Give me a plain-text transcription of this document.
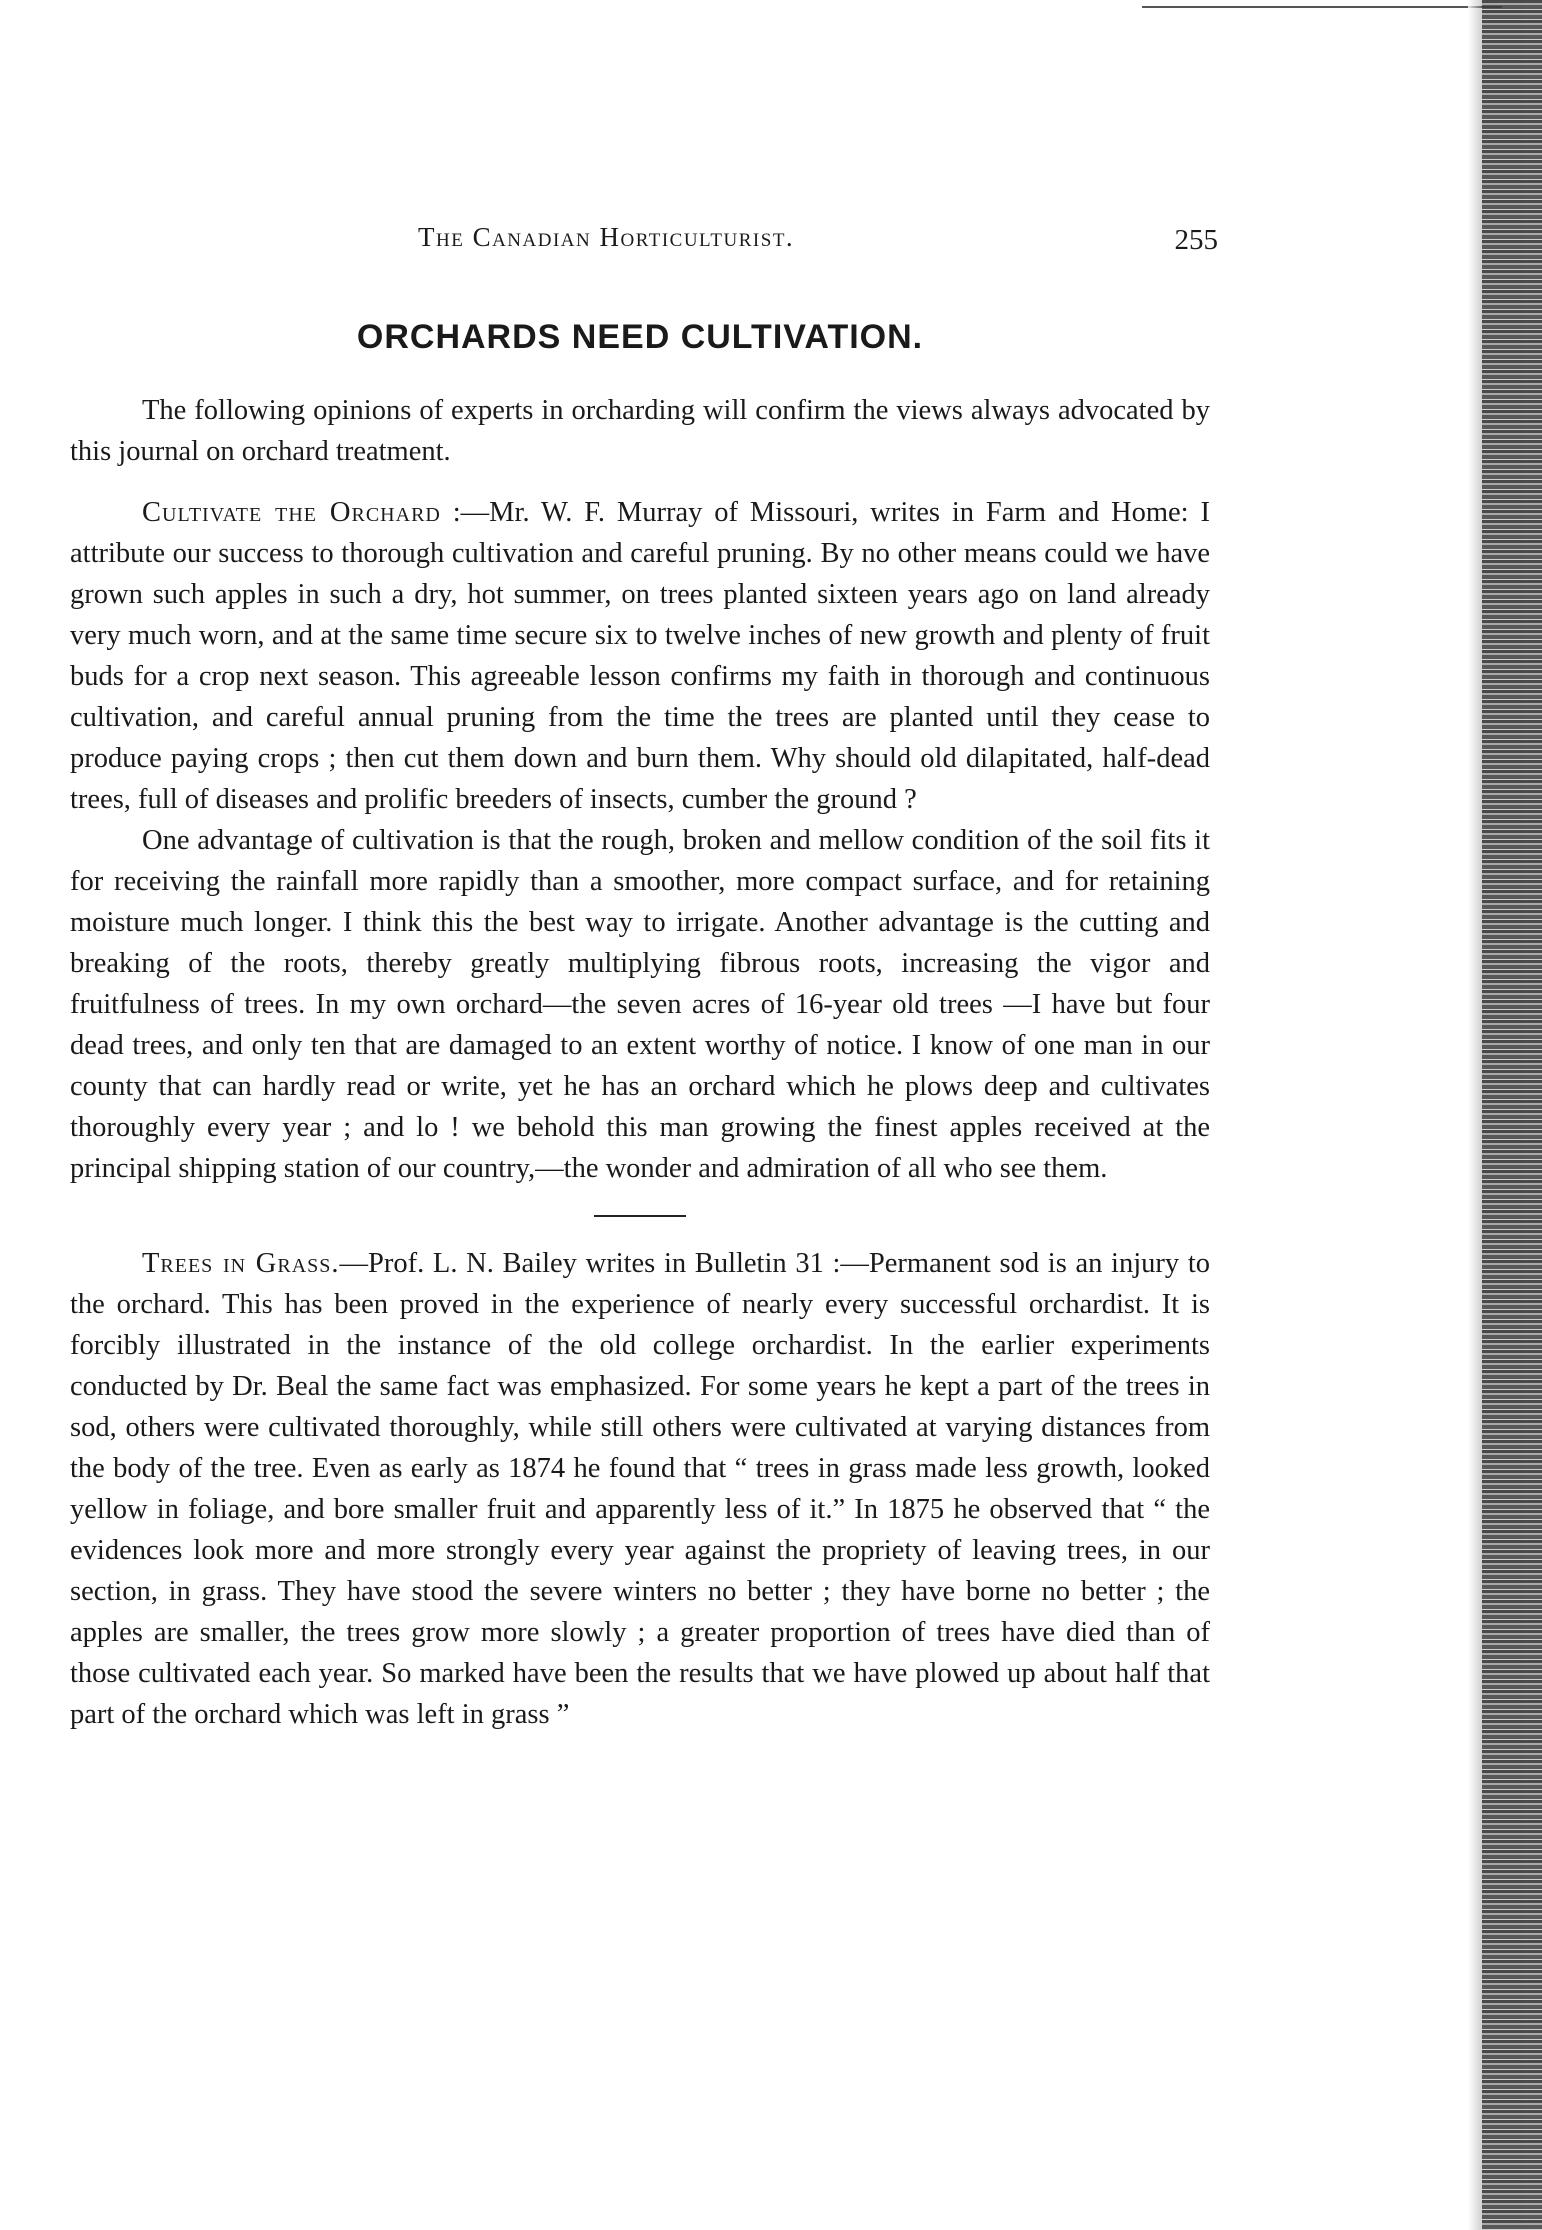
The Canadian Horticulturist.	255
ORCHARDS NEED CULTIVATION.

The following opinions of experts in orcharding will confirm the views always advocated by this journal on orchard treatment.

Cultivate the Orchard :—Mr. W. F. Murray of Missouri, writes in Farm and Home: I attribute our success to thorough cultivation and careful pruning. By no other means could we have grown such apples in such a dry, hot summer, on trees planted sixteen years ago on land already very much worn, and at the same time secure six to twelve inches of new growth and plenty of fruit buds for a crop next season. This agreeable lesson confirms my faith in thorough and continuous cultivation, and careful annual pruning from the time the trees are planted until they cease to produce paying crops ; then cut them down and burn them. Why should old dilapitated, half-dead trees, full of diseases and prolific breeders of insects, cumber the ground ?

One advantage of cultivation is that the rough, broken and mellow condition of the soil fits it for receiving the rainfall more rapidly than a smoother, more compact surface, and for retaining moisture much longer. I think this the best way to irrigate. Another advantage is the cutting and breaking of the roots, thereby greatly multiplying fibrous roots, increasing the vigor and fruitfulness of trees. In my own orchard—the seven acres of 16-year old trees —I have but four dead trees, and only ten that are damaged to an extent worthy of notice. I know of one man in our county that can hardly read or write, yet he has an orchard which he plows deep and cultivates thoroughly every year ; and lo ! we behold this man growing the finest apples received at the principal shipping station of our country,—the wonder and admiration of all who see them.

Trees in Grass.—Prof. L. N. Bailey writes in Bulletin 31 :—Permanent sod is an injury to the orchard. This has been proved in the experience of nearly every successful orchardist. It is forcibly illustrated in the instance of the old college orchardist. In the earlier experiments conducted by Dr. Beal the same fact was emphasized. For some years he kept a part of the trees in sod, others were cultivated thoroughly, while still others were cultivated at varying distances from the body of the tree. Even as early as 1874 he found that “ trees in grass made less growth, looked yellow in foliage, and bore smaller fruit and apparently less of it.” In 1875 he observed that “ the evidences look more and more strongly every year against the propriety of leaving trees, in our section, in grass. They have stood the severe winters no better ; they have borne no better ; the apples are smaller, the trees grow more slowly ; a greater proportion of trees have died than of those cultivated each year. So marked have been the results that we have plowed up about half that part of the orchard which was left in grass ”
